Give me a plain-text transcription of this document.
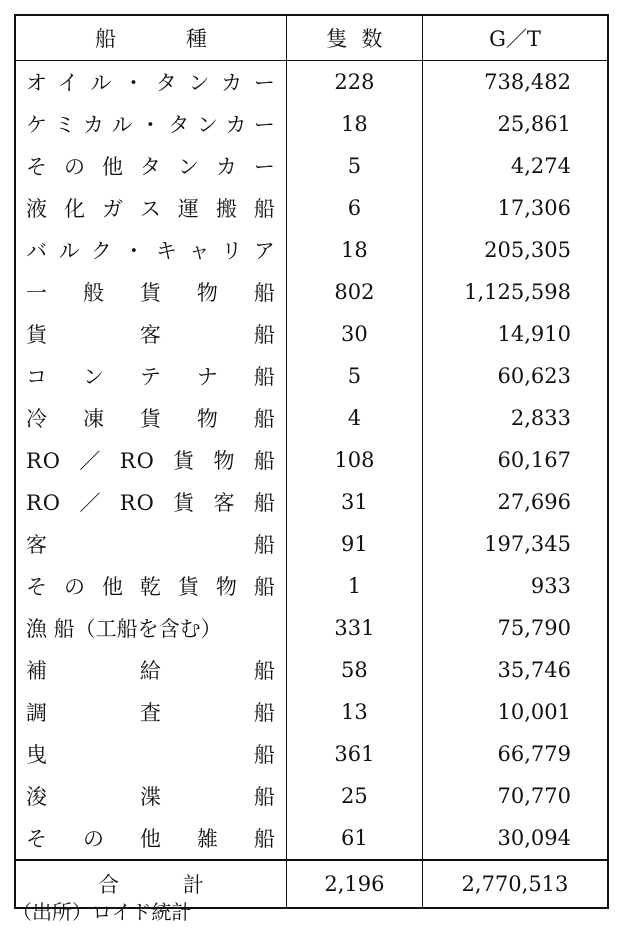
船種	隻数	G／T

オイル・タンカー	228	738,482

ケミカル・タンカー	18	25,861

その他タンカー	5	4,274

液化ガス運搬船	6	17,306

バルク・キャリア	18	205,305

一般貨物船	802	1,125,598

貨客船	30	14,910

コンテナ船	5	60,623

冷凍貨物船	4	2,833

RO／RO貨物船	108	60,167

RO／RO貨客船	31	27,696

客船	91	197,345

その他乾貨物船	1	933

漁 船（工船を含む）	331	75,790

補給船	58	35,746

調査船	13	10,001

曳船	361	66,779

浚渫船	25	70,770

その他雑船	61	30,094
合計	2,196	2,770,513
（出所）ロイド統計
